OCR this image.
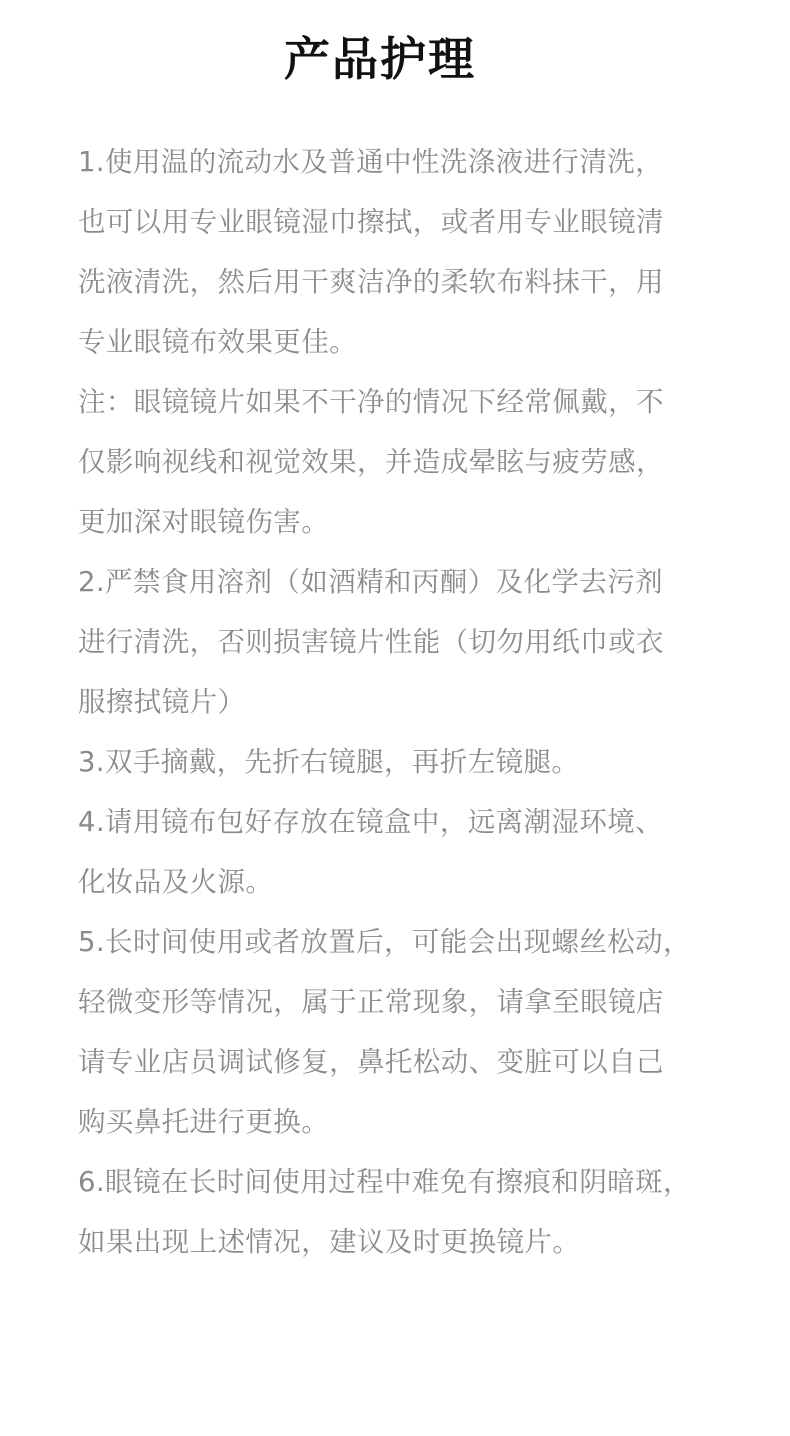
产品护理
1.使用温的流动水及普通中性洗涤液进行清洗，
也可以用专业眼镜湿巾擦拭，或者用专业眼镜清
洗液清洗，然后用干爽洁净的柔软布料抹干，用
专业眼镜布效果更佳。
注：眼镜镜片如果不干净的情况下经常佩戴，不
仅影响视线和视觉效果，并造成晕眩与疲劳感，
更加深对眼镜伤害。
2.严禁食用溶剂（如酒精和丙酮）及化学去污剂
进行清洗，否则损害镜片性能（切勿用纸巾或衣
服擦拭镜片）
3.双手摘戴，先折右镜腿，再折左镜腿。
4.请用镜布包好存放在镜盒中，远离潮湿环境、
化妆品及火源。
5.长时间使用或者放置后，可能会出现螺丝松动，
轻微变形等情况，属于正常现象，请拿至眼镜店
请专业店员调试修复，鼻托松动、变脏可以自己
购买鼻托进行更换。
6.眼镜在长时间使用过程中难免有擦痕和阴暗斑，
如果出现上述情况，建议及时更换镜片。
